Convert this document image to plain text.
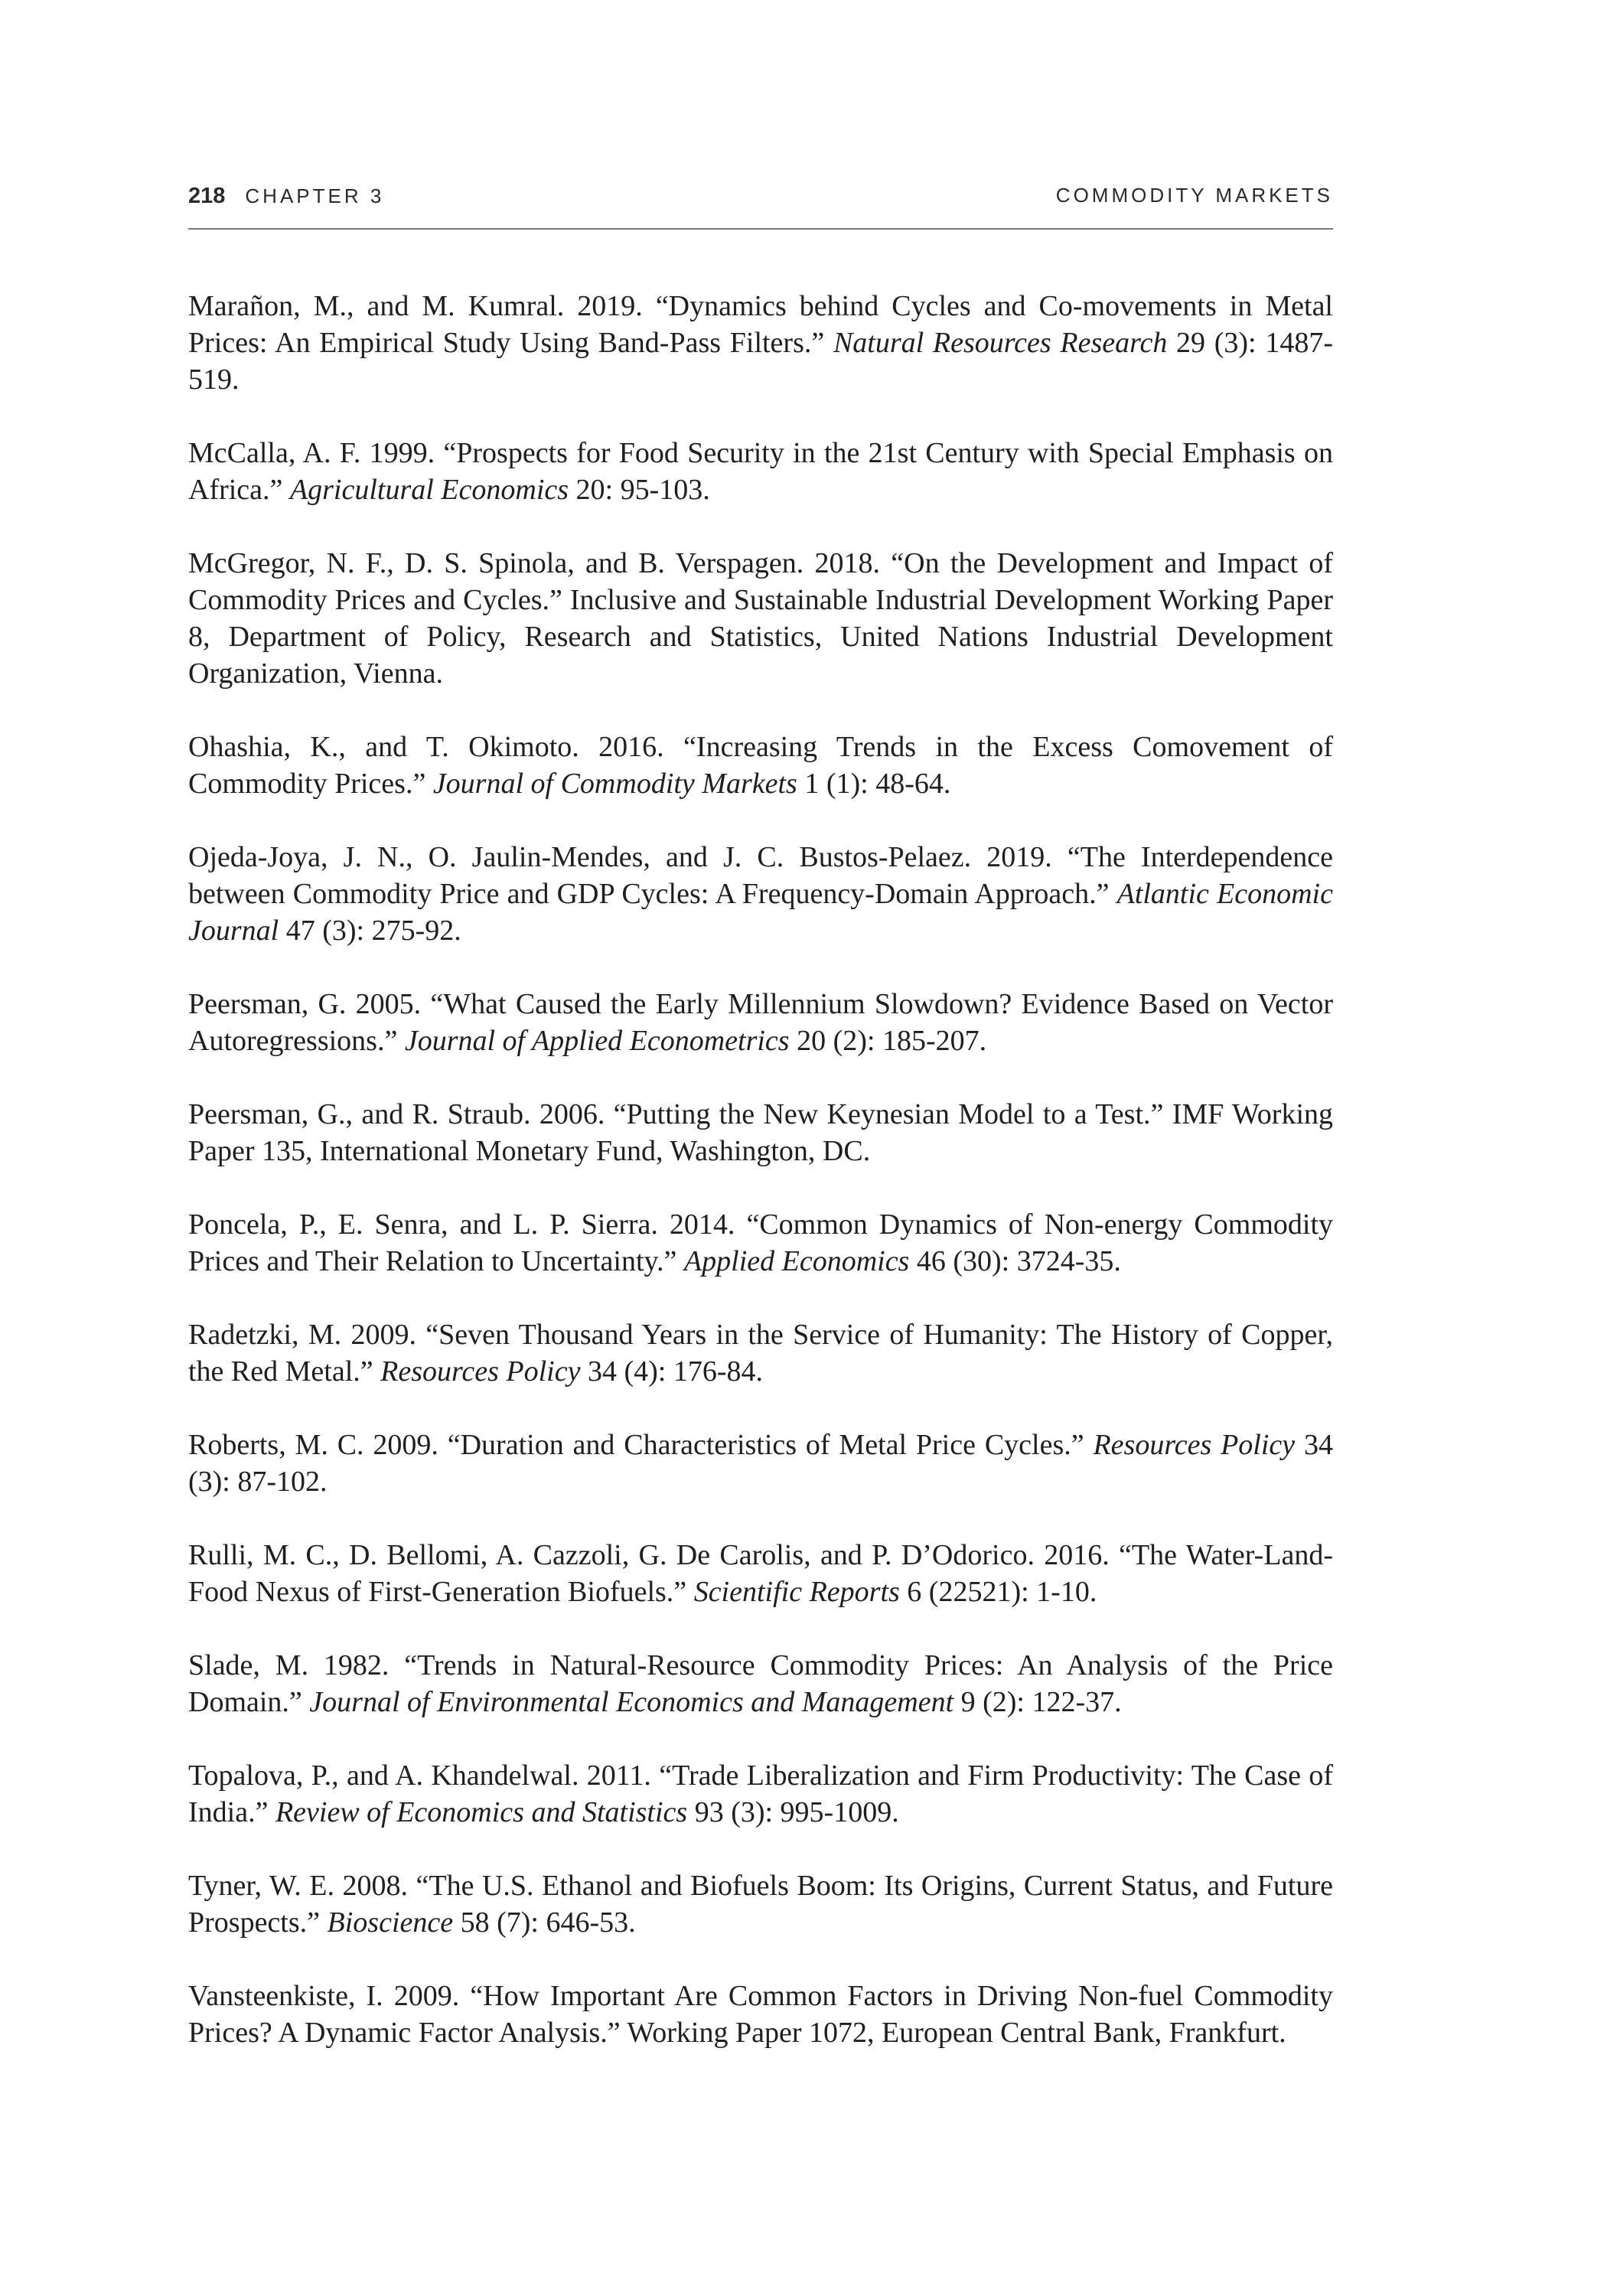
218 CHAPTER 3	COMMODITY MARKETS
Marañon, M., and M. Kumral. 2019. “Dynamics behind Cycles and Co-movements in Metal Prices: An Empirical Study Using Band-Pass Filters.” Natural Resources Research 29 (3): 1487-519.
McCalla, A. F. 1999. “Prospects for Food Security in the 21st Century with Special Emphasis on Africa.” Agricultural Economics 20: 95-103.
McGregor, N. F., D. S. Spinola, and B. Verspagen. 2018. “On the Development and Impact of Commodity Prices and Cycles.” Inclusive and Sustainable Industrial Development Working Paper 8, Department of Policy, Research and Statistics, United Nations Industrial Development Organization, Vienna.
Ohashia, K., and T. Okimoto. 2016. “Increasing Trends in the Excess Comovement of Commodity Prices.” Journal of Commodity Markets 1 (1): 48-64.
Ojeda-Joya, J. N., O. Jaulin-Mendes, and J. C. Bustos-Pelaez. 2019. “The Interdependence between Commodity Price and GDP Cycles: A Frequency-Domain Approach.” Atlantic Economic Journal 47 (3): 275-92.
Peersman, G. 2005. “What Caused the Early Millennium Slowdown? Evidence Based on Vector Autoregressions.” Journal of Applied Econometrics 20 (2): 185-207.
Peersman, G., and R. Straub. 2006. “Putting the New Keynesian Model to a Test.” IMF Working Paper 135, International Monetary Fund, Washington, DC.
Poncela, P., E. Senra, and L. P. Sierra. 2014. “Common Dynamics of Non-energy Commodity Prices and Their Relation to Uncertainty.” Applied Economics 46 (30): 3724-35.
Radetzki, M. 2009. “Seven Thousand Years in the Service of Humanity: The History of Copper, the Red Metal.” Resources Policy 34 (4): 176-84.
Roberts, M. C. 2009. “Duration and Characteristics of Metal Price Cycles.” Resources Policy 34 (3): 87-102.
Rulli, M. C., D. Bellomi, A. Cazzoli, G. De Carolis, and P. D’Odorico. 2016. “The Water-Land-Food Nexus of First-Generation Biofuels.” Scientific Reports 6 (22521): 1-10.
Slade, M. 1982. “Trends in Natural-Resource Commodity Prices: An Analysis of the Price Domain.” Journal of Environmental Economics and Management 9 (2): 122-37.
Topalova, P., and A. Khandelwal. 2011. “Trade Liberalization and Firm Productivity: The Case of India.” Review of Economics and Statistics 93 (3): 995-1009.
Tyner, W. E. 2008. “The U.S. Ethanol and Biofuels Boom: Its Origins, Current Status, and Future Prospects.” Bioscience 58 (7): 646-53.
Vansteenkiste, I. 2009. “How Important Are Common Factors in Driving Non-fuel Commodity Prices? A Dynamic Factor Analysis.” Working Paper 1072, European Central Bank, Frankfurt.
